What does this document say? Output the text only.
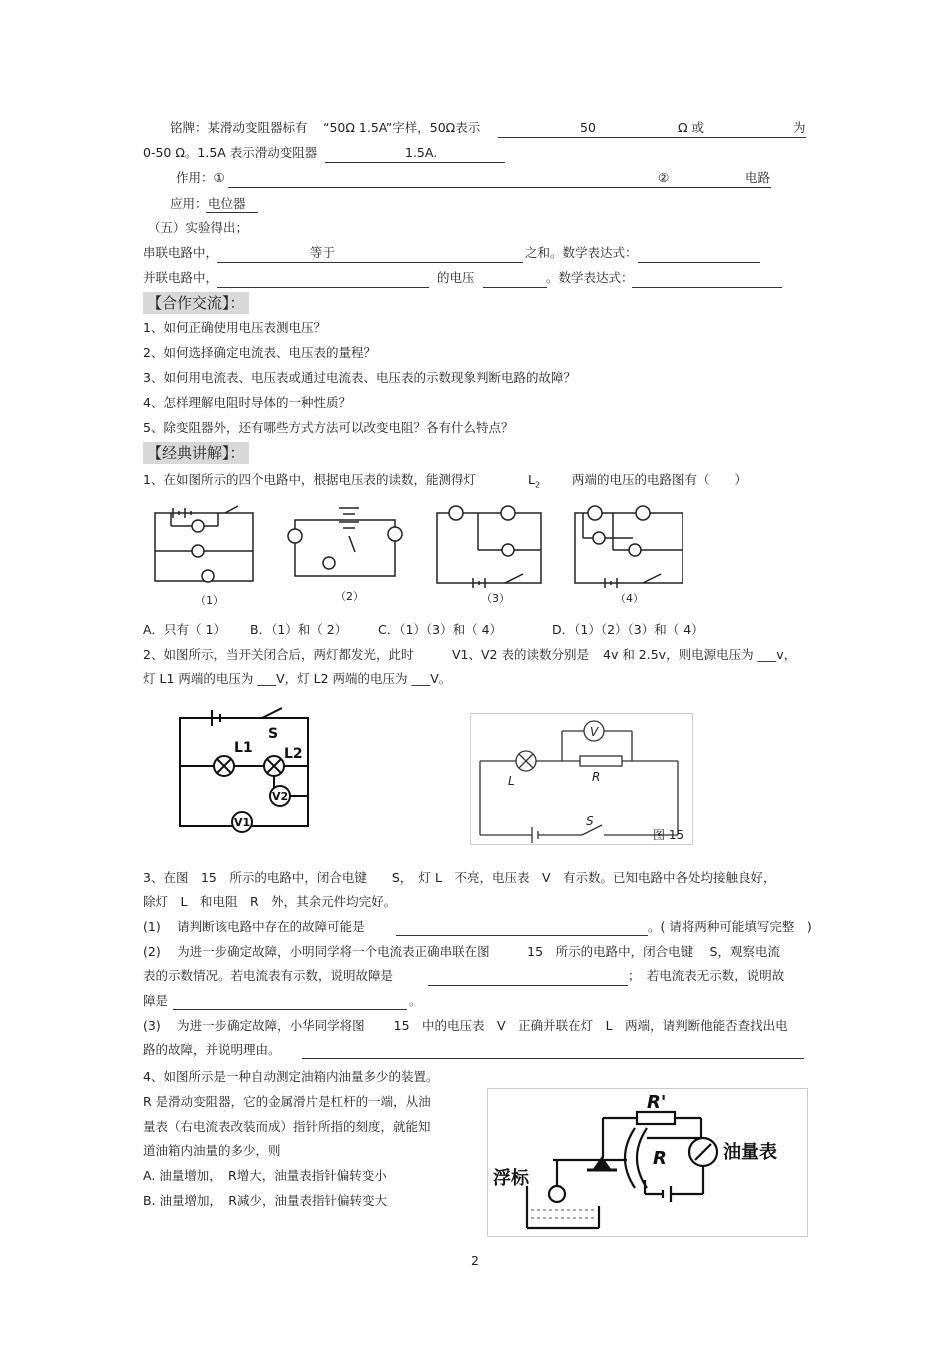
铭牌：某滑动变阻器标有 “50Ω 1.5A”字样，50Ω表示	50	Ω 或	为
0-50 Ω。1.5A 表示滑动变阻器	1.5A.
作用：①	②	电路
应用： 电位器
（五）实验得出；
串联电路中，	等于	之和。数学表达式：
并联电路中，	的电压	。数学表达式：
【合作交流】：
1、如何正确使用电压表测电压？
2、如何选择确定电流表、电压表的量程？
3、如何用电流表、电压表或通过电流表、电压表的示数现象判断电路的故障？
4、怎样理解电阻时导体的一种性质？
5、除变阻器外，还有哪些方式方法可以改变电阻？各有什么特点？
【经典讲解】：
1、在如图所示的四个电路中，根据电压表的读数，能测得灯	$L_2$	两端的电压的电路图有（　　）
（1）	（2）	（3）	（4）
A．只有（ 1） B．（1）和（ 2） C．（1）（3）和（ 4）	D．（1）（2）（3）和（ 4）
2、如图所示，当开关闭合后，两灯都发光，此时	V1、V2 表的读数分别是 4v 和 2.5v，则电源电压为 ___v，
灯 L1 两端的电压为 ___V，灯 L2 两端的电压为 ___V。
S
L1 L2
V2
V1
V
L	R
S
图 15
3、在图　15　所示的电路中，闭合电键　　S，　灯 L　不亮，电压表　V　有示数。已知电路中各处均接触良好，
除灯　L　和电阻　R　外，其余元件均完好。
(1)　 请判断该电路中存在的故障可能是	。( 请将两种可能填写完整　)
(2)　 为进一步确定故障，小明同学将一个电流表正确串联在图　　　15　所示的电路中，闭合电键　 S，观察电流
表的示数情况。若电流表有示数，说明故障是	；　若电流表无示数，说明故
障是	。
(3)　 为进一步确定故障，小华同学将图　　 15　中的电压表　V　正确并联在灯　L　两端，请判断他能否查找出电
路的故障，并说明理由。
4、如图所示是一种自动测定油箱内油量多少的装置。
R 是滑动变阻器，它的金属滑片是杠杆的一端，从油
量表（右电流表改装而成）指针所指的刻度，就能知
道油箱内油量的多少，则
A. 油量增加，　R增大，油量表指针偏转变小
B. 油量增加，　R减少，油量表指针偏转变大
R'
R	油量表
浮标
2
